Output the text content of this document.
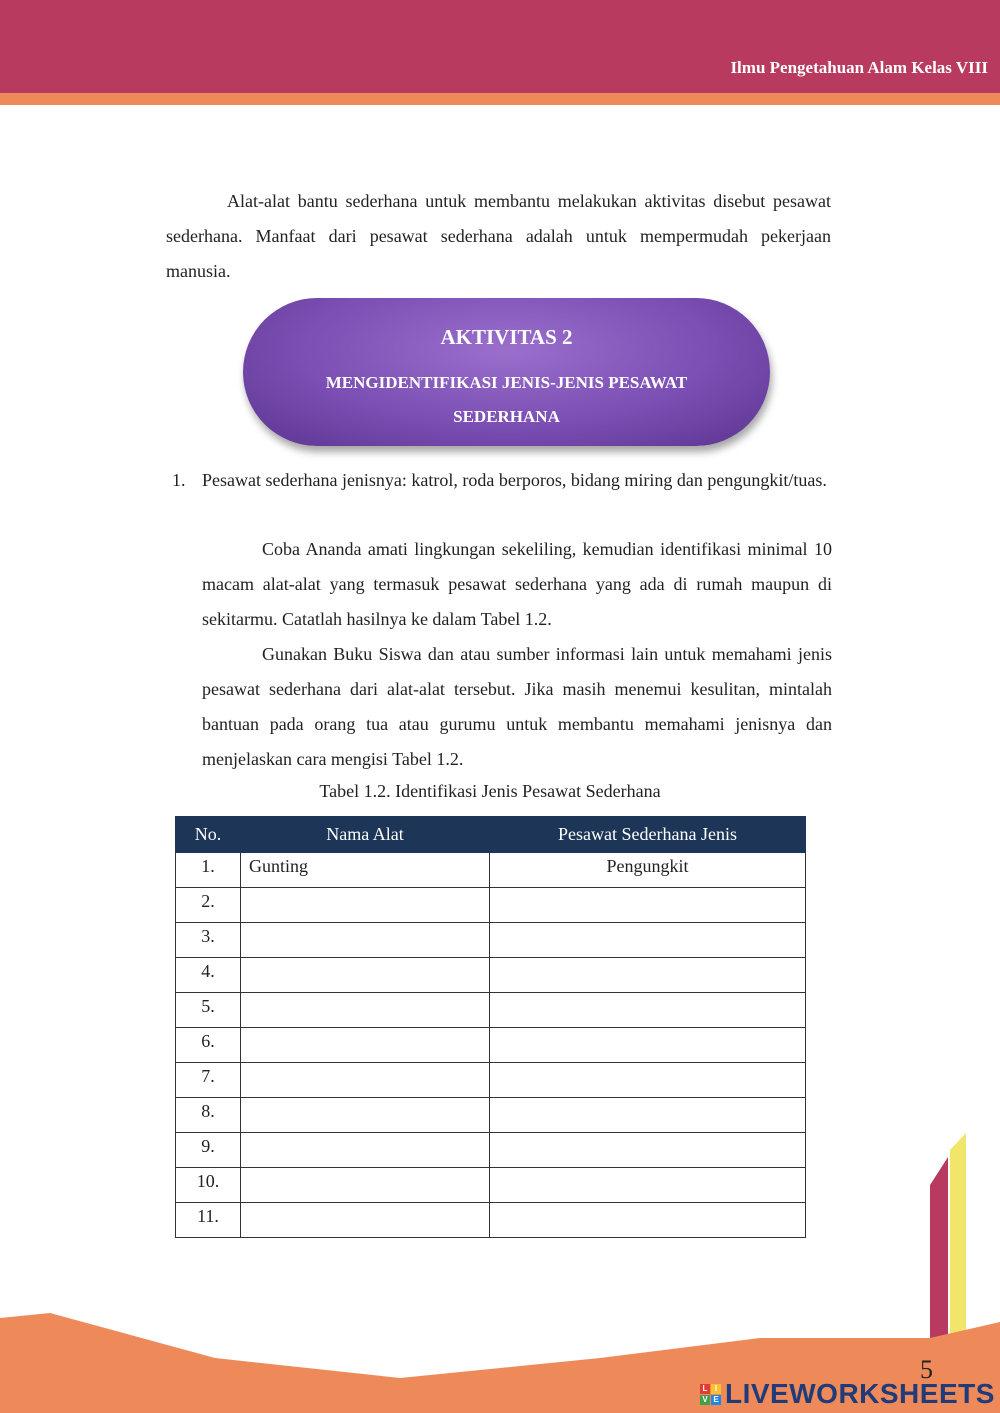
Ilmu Pengetahuan Alam Kelas VIII

Alat-alat bantu sederhana untuk membantu melakukan aktivitas disebut pesawat sederhana. Manfaat dari pesawat sederhana adalah untuk mempermudah pekerjaan manusia.

AKTIVITAS 2
MENGIDENTIFIKASI JENIS-JENIS PESAWAT SEDERHANA
1. Pesawat sederhana jenisnya: katrol, roda berporos, bidang miring dan pengungkit/tuas.

Coba Ananda amati lingkungan sekeliling, kemudian identifikasi minimal 10 macam alat-alat yang termasuk pesawat sederhana yang ada di rumah maupun di sekitarmu. Catatlah hasilnya ke dalam Tabel 1.2.

Gunakan Buku Siswa dan atau sumber informasi lain untuk memahami jenis pesawat sederhana dari alat-alat tersebut. Jika masih menemui kesulitan, mintalah bantuan pada orang tua atau gurumu untuk membantu memahami jenisnya dan menjelaskan cara mengisi Tabel 1.2.

Tabel 1.2. Identifikasi Jenis Pesawat Sederhana
No.	Nama Alat	Pesawat Sederhana Jenis
1.	Gunting	Pengungkit
2.		
3.		
4.		
5.		
6.		
7.		
8.		
9.		
10.		
11.		
5
L I
V E LIVEWORKSHEETS
